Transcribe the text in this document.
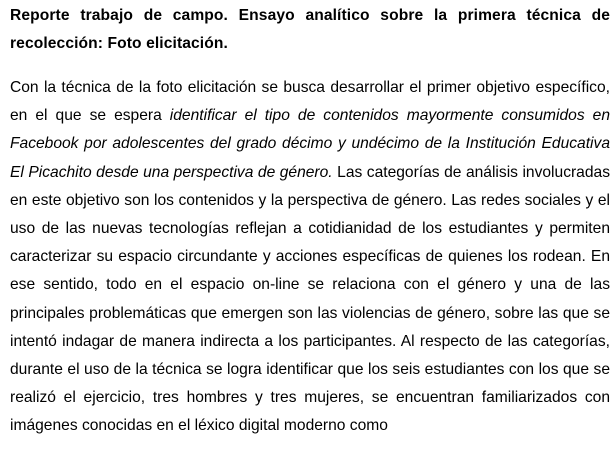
Reporte trabajo de campo. Ensayo analítico sobre la primera técnica de recolección: Foto elicitación.

Con la técnica de la foto elicitación se busca desarrollar el primer objetivo específico, en el que se espera identificar el tipo de contenidos mayormente consumidos en Facebook por adolescentes del grado décimo y undécimo de la Institución Educativa El Picachito desde una perspectiva de género. Las categorías de análisis involucradas en este objetivo son los contenidos y la perspectiva de género. Las redes sociales y el uso de las nuevas tecnologías reflejan a cotidianidad de los estudiantes y permiten caracterizar su espacio circundante y acciones específicas de quienes los rodean. En ese sentido, todo en el espacio on-line se relaciona con el género y una de las principales problemáticas que emergen son las violencias de género, sobre las que se intentó indagar de manera indirecta a los participantes. Al respecto de las categorías, durante el uso de la técnica se logra identificar que los seis estudiantes con los que se realizó el ejercicio, tres hombres y tres mujeres, se encuentran familiarizados con imágenes conocidas en el léxico digital moderno como
